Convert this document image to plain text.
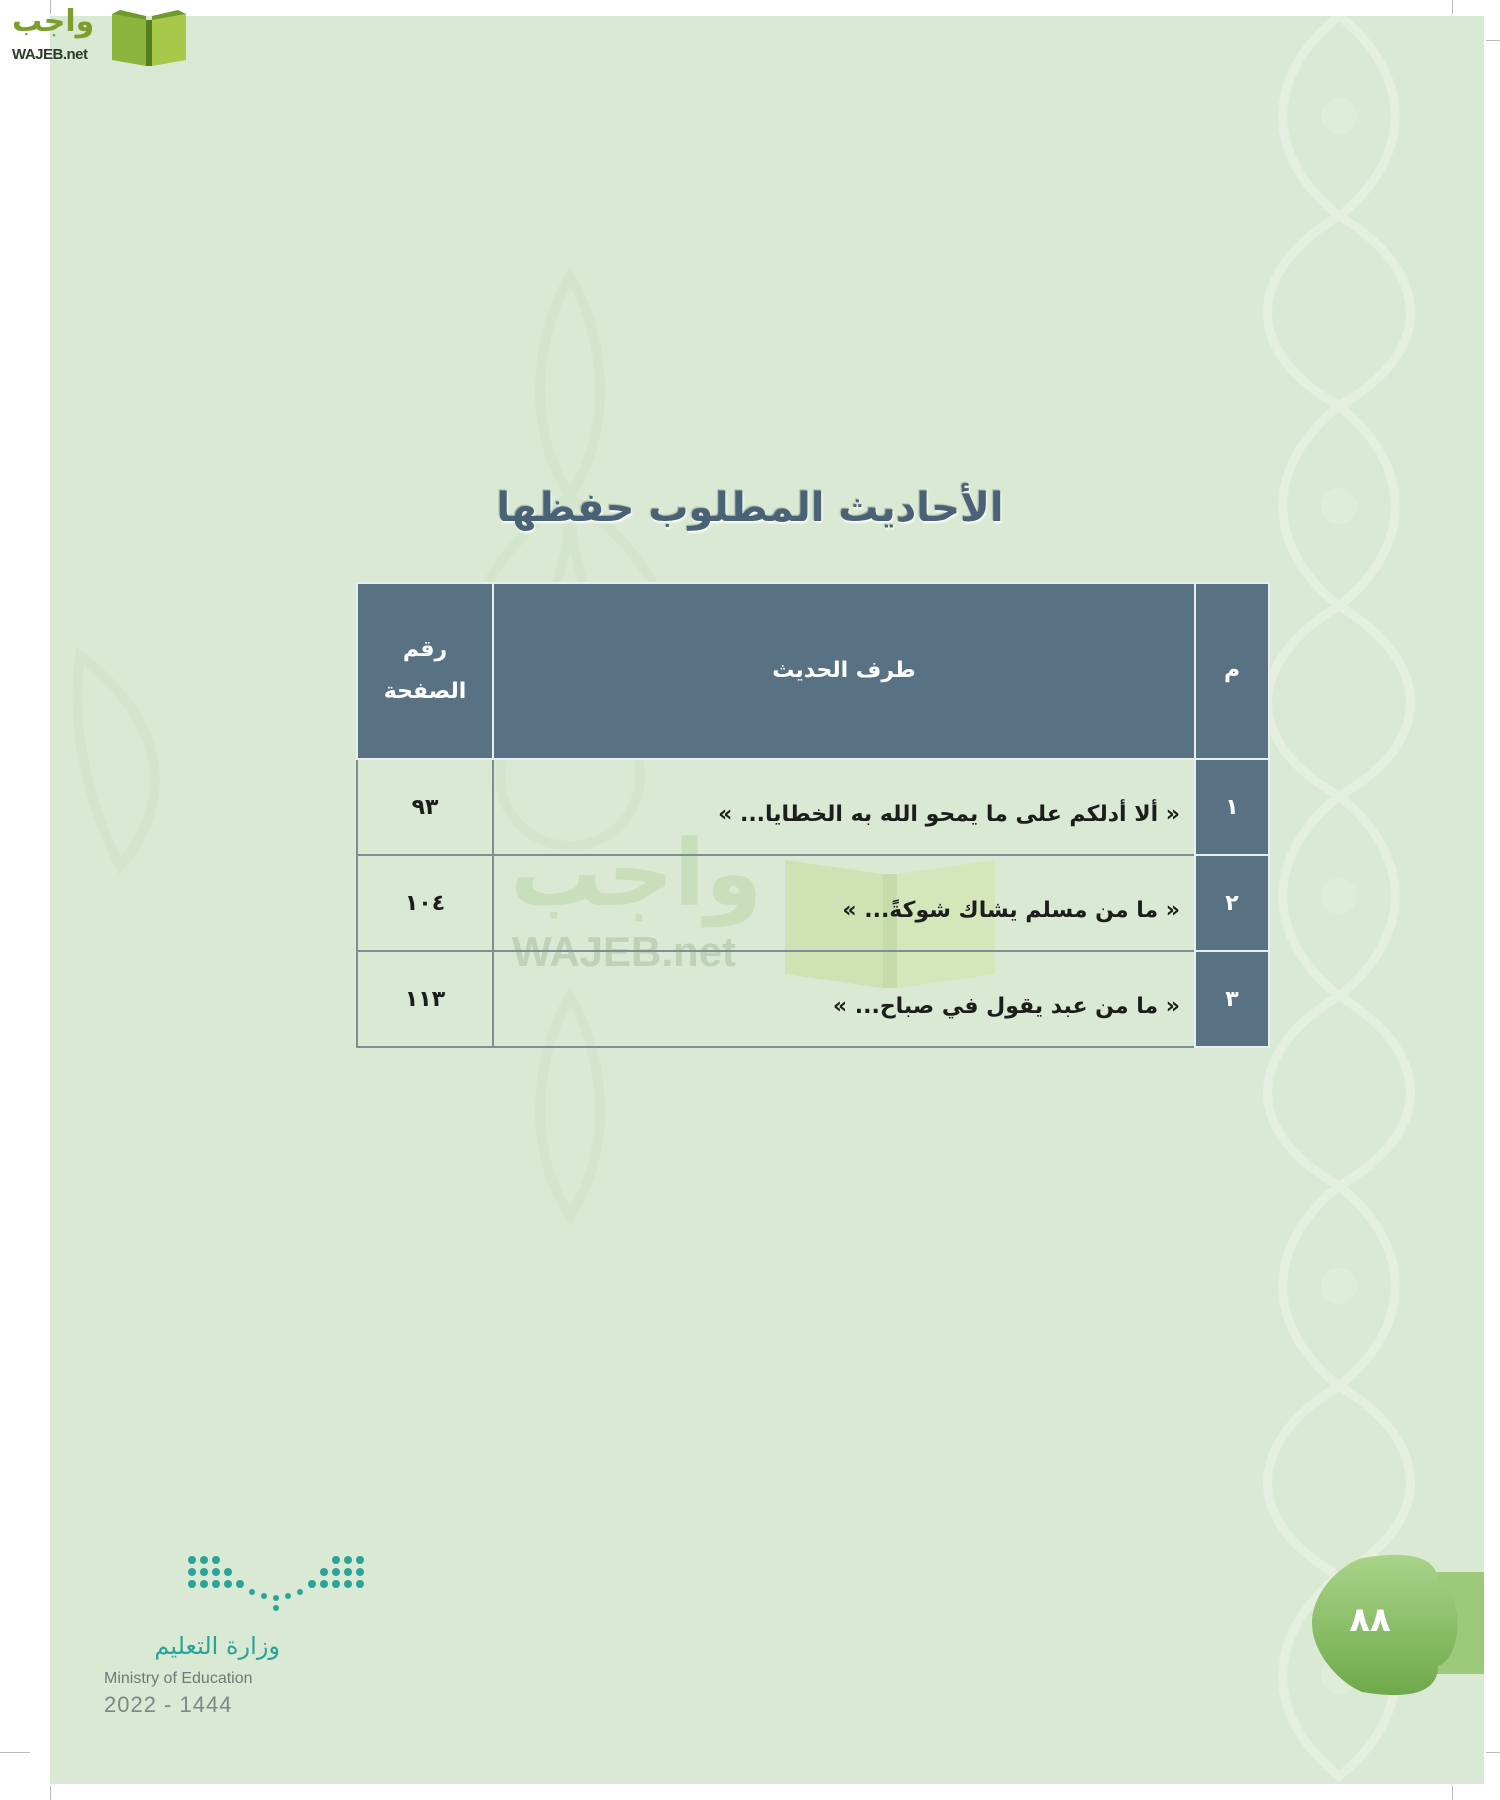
واجب
WAJEB.net
الأحاديث المطلوب حفظها
واجب
WAJEB.net
م	طرف الحديث	رقم الصفحة
١	« ألا أدلكم على ما يمحو الله به الخطايا... »	٩٣
٢	« ما من مسلم يشاك شوكةً... »	١٠٤
٣	« ما من عبد يقول في صباح... »	١١٣
وزارة التعليم
Ministry of Education
2022 - 1444
٨٨
